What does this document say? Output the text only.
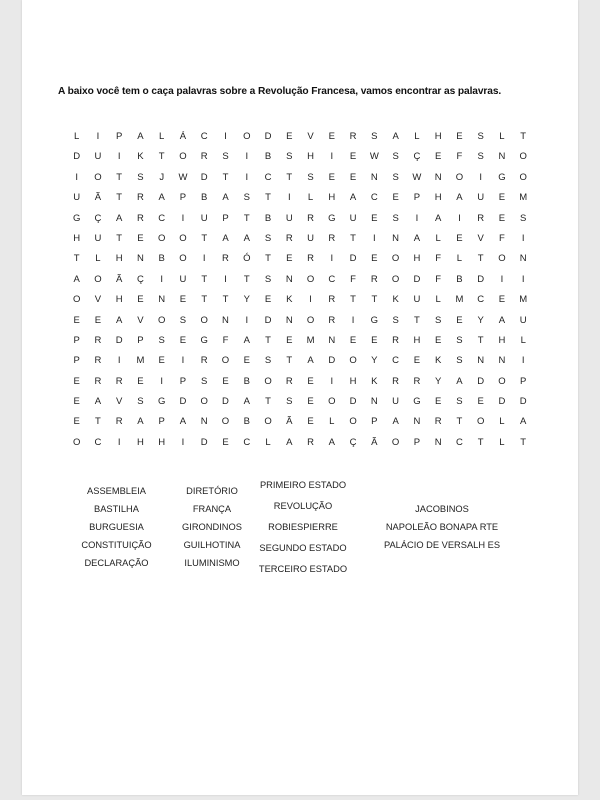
A baixo você tem o caça palavras sobre a Revolução Francesa, vamos encontrar as palavras.
L	I	P	A	L	Á	C	I	O	D	E	V	E	R	S	A	L	H	E	S	L	T
D	U	I	K	T	O	R	S	I	B	S	H	I	E	W	S	Ç	E	F	S	N	O
I	O	T	S	J	W	D	T	I	C	T	S	E	E	N	S	W	N	O	I	G	O
U	Ã	T	R	A	P	B	A	S	T	I	L	H	A	C	E	P	H	A	U	E	M
G	Ç	A	R	C	I	U	P	T	B	U	R	G	U	E	S	I	A	I	R	E	S
H	U	T	E	O	O	T	A	A	S	R	U	R	T	I	N	A	L	E	V	F	I
T	L	H	N	B	O	I	R	Ó	T	E	R	I	D	E	O	H	F	L	T	O	N
A	O	Ã	Ç	I	U	T	I	T	S	N	O	C	F	R	O	D	F	B	D	I	I
O	V	H	E	N	E	T	T	Y	E	K	I	R	T	T	K	U	L	M	C	E	M
E	E	A	V	O	S	O	N	I	D	N	O	R	I	G	S	T	S	E	Y	A	U
P	R	D	P	S	E	G	F	A	T	E	M	N	E	E	R	H	E	S	T	H	L
P	R	I	M	E	I	R	O	E	S	T	A	D	O	Y	C	E	K	S	N	N	I
E	R	R	E	I	P	S	E	B	O	R	E	I	H	K	R	R	Y	A	D	O	P
E	A	V	S	G	D	O	D	A	T	S	E	O	D	N	U	G	E	S	E	D	D
E	T	R	A	P	A	N	O	B	O	Ã	E	L	O	P	A	N	R	T	O	L	A
O	C	I	H	H	I	D	E	C	L	A	R	A	Ç	Ã	O	P	N	C	T	L	T
ASSEMBLEIA
BASTILHA
BURGUESIA
CONSTITUIÇÃO
DECLARAÇÃO
DIRETÓRIO
FRANÇA
GIRONDINOS
GUILHOTINA
ILUMINISMO
PRIMEIRO ESTADO
REVOLUÇÃO
ROBIESPIERRE
SEGUNDO ESTADO
TERCEIRO ESTADO
JACOBINOS
NAPOLEÃO BONAPA RTE
PALÁCIO DE VERSALH ES
